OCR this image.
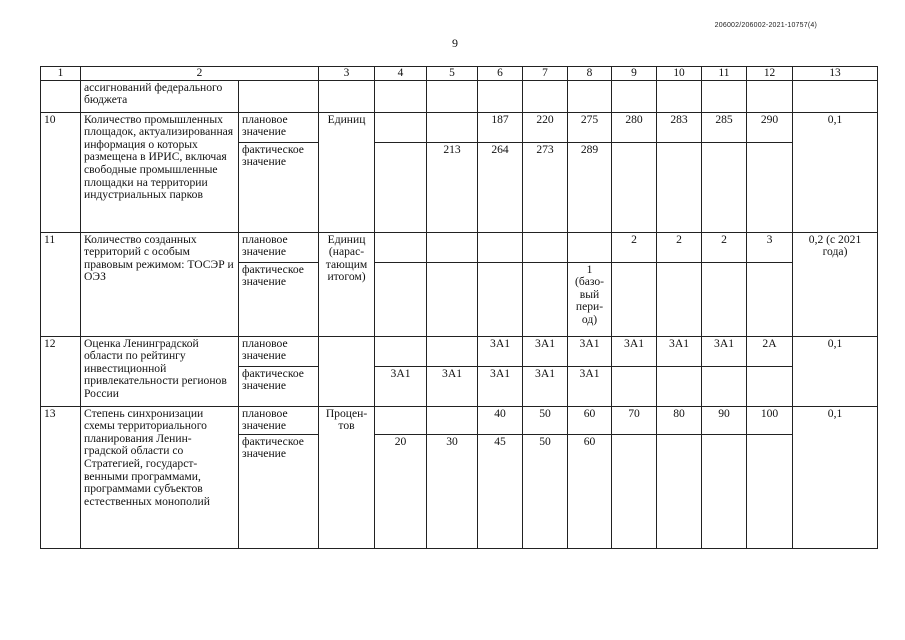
206002/206002-2021-10757(4)
9
1	2		3	4	5	6	7	8	9	10	11	12	13
	ассигнований федерального бюджета												
10	Количество промышленных площадок, актуализированная информация о которых размещена в ИРИС, включая свободные промышленные площадки на территории индустриальных парков	плановое значение	Единиц			187	220	275	280	283	285	290	0,1
		фактическое значение			213	264	273	289					
11	Количество созданных территорий с особым правовым режимом: ТОСЭР и ОЭЗ	плановое значение	Единиц (нарас-тающим итогом)						2	2	2	3	0,2 (с 2021 года)
		фактическое значение						1 (базо-вый пери-од)					
12	Оценка Ленинградской области по рейтингу инвестиционной привлекательности регионов России	плановое значение				3А1	3А1	3А1	3А1	3А1	3А1	2А	0,1
		фактическое значение		3А1	3А1	3А1	3А1	3А1					
13	Степень синхронизации схемы территориального планирования Ленин-градской области со Стратегией, государст-венными программами, программами субъектов естественных монополий	плановое значение	Процен-тов			40	50	60	70	80	90	100	0,1
		фактическое значение		20	30	45	50	60					
